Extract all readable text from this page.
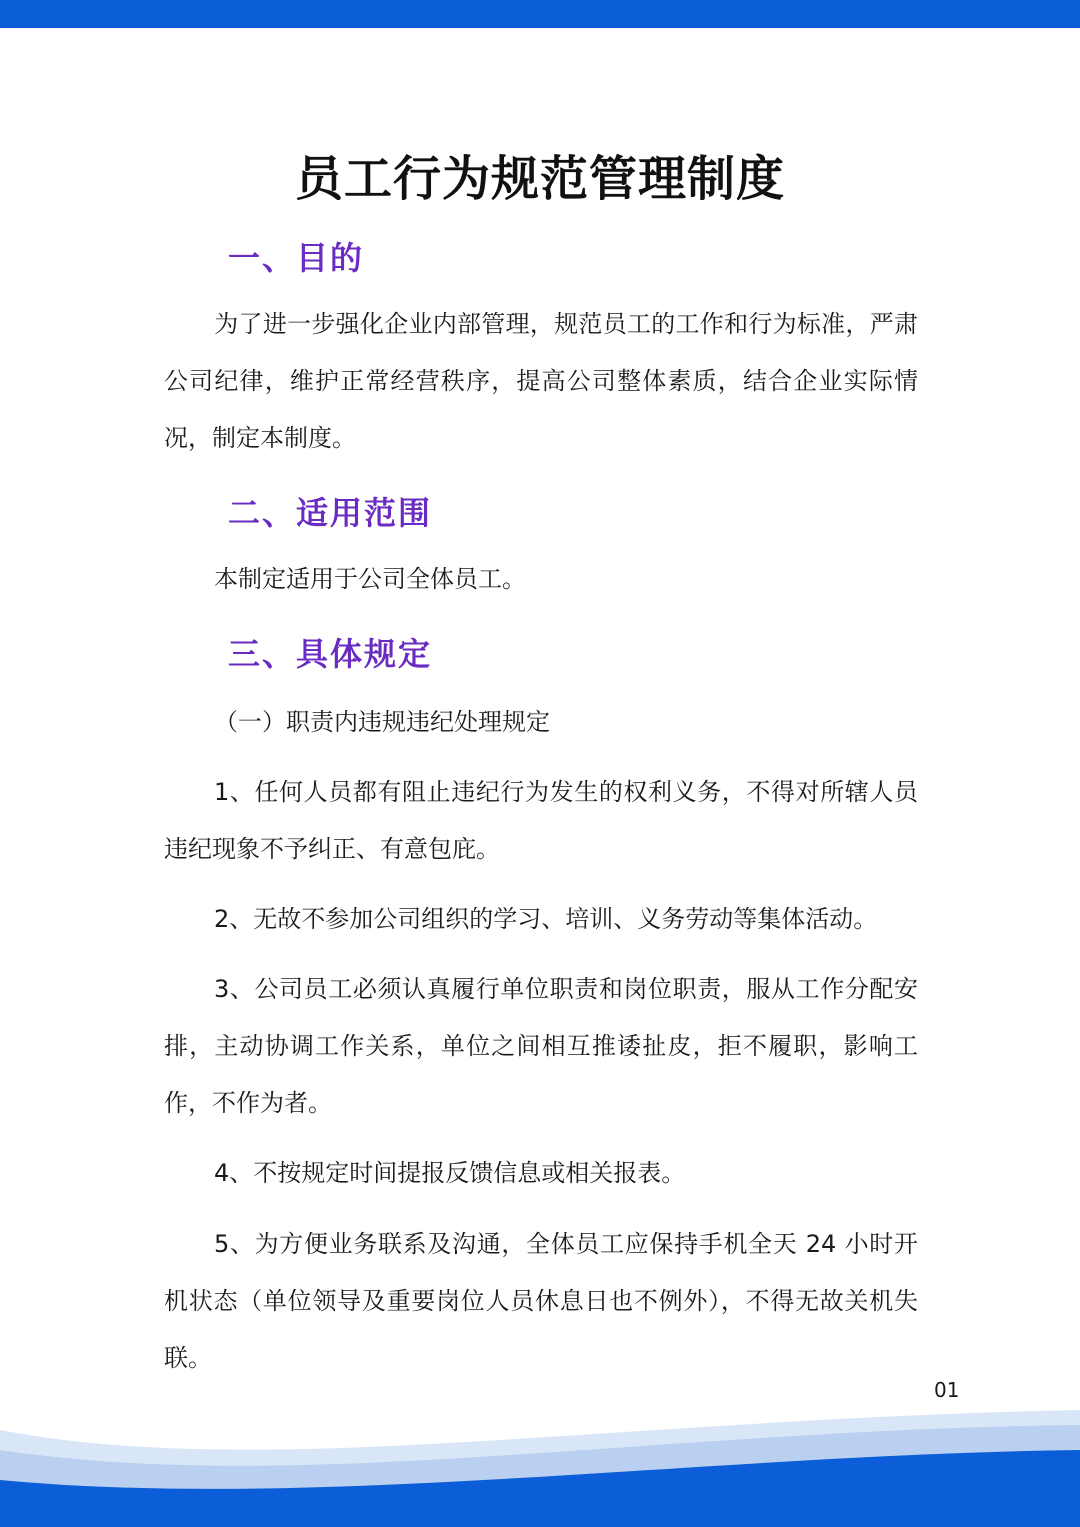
员工行为规范管理制度
一、目的
为了进一步强化企业内部管理，规范员工的工作和行为标准，严肃公司纪律，维护正常经营秩序，提高公司整体素质，结合企业实际情况，制定本制度。
二、适用范围
本制定适用于公司全体员工。
三、具体规定
（一）职责内违规违纪处理规定
1、任何人员都有阻止违纪行为发生的权利义务，不得对所辖人员违纪现象不予纠正、有意包庇。
2、无故不参加公司组织的学习、培训、义务劳动等集体活动。
3、公司员工必须认真履行单位职责和岗位职责，服从工作分配安排，主动协调工作关系，单位之间相互推诿扯皮，拒不履职，影响工作，不作为者。
4、不按规定时间提报反馈信息或相关报表。
5、为方便业务联系及沟通，全体员工应保持手机全天 24 小时开机状态（单位领导及重要岗位人员休息日也不例外），不得无故关机失联。
01
